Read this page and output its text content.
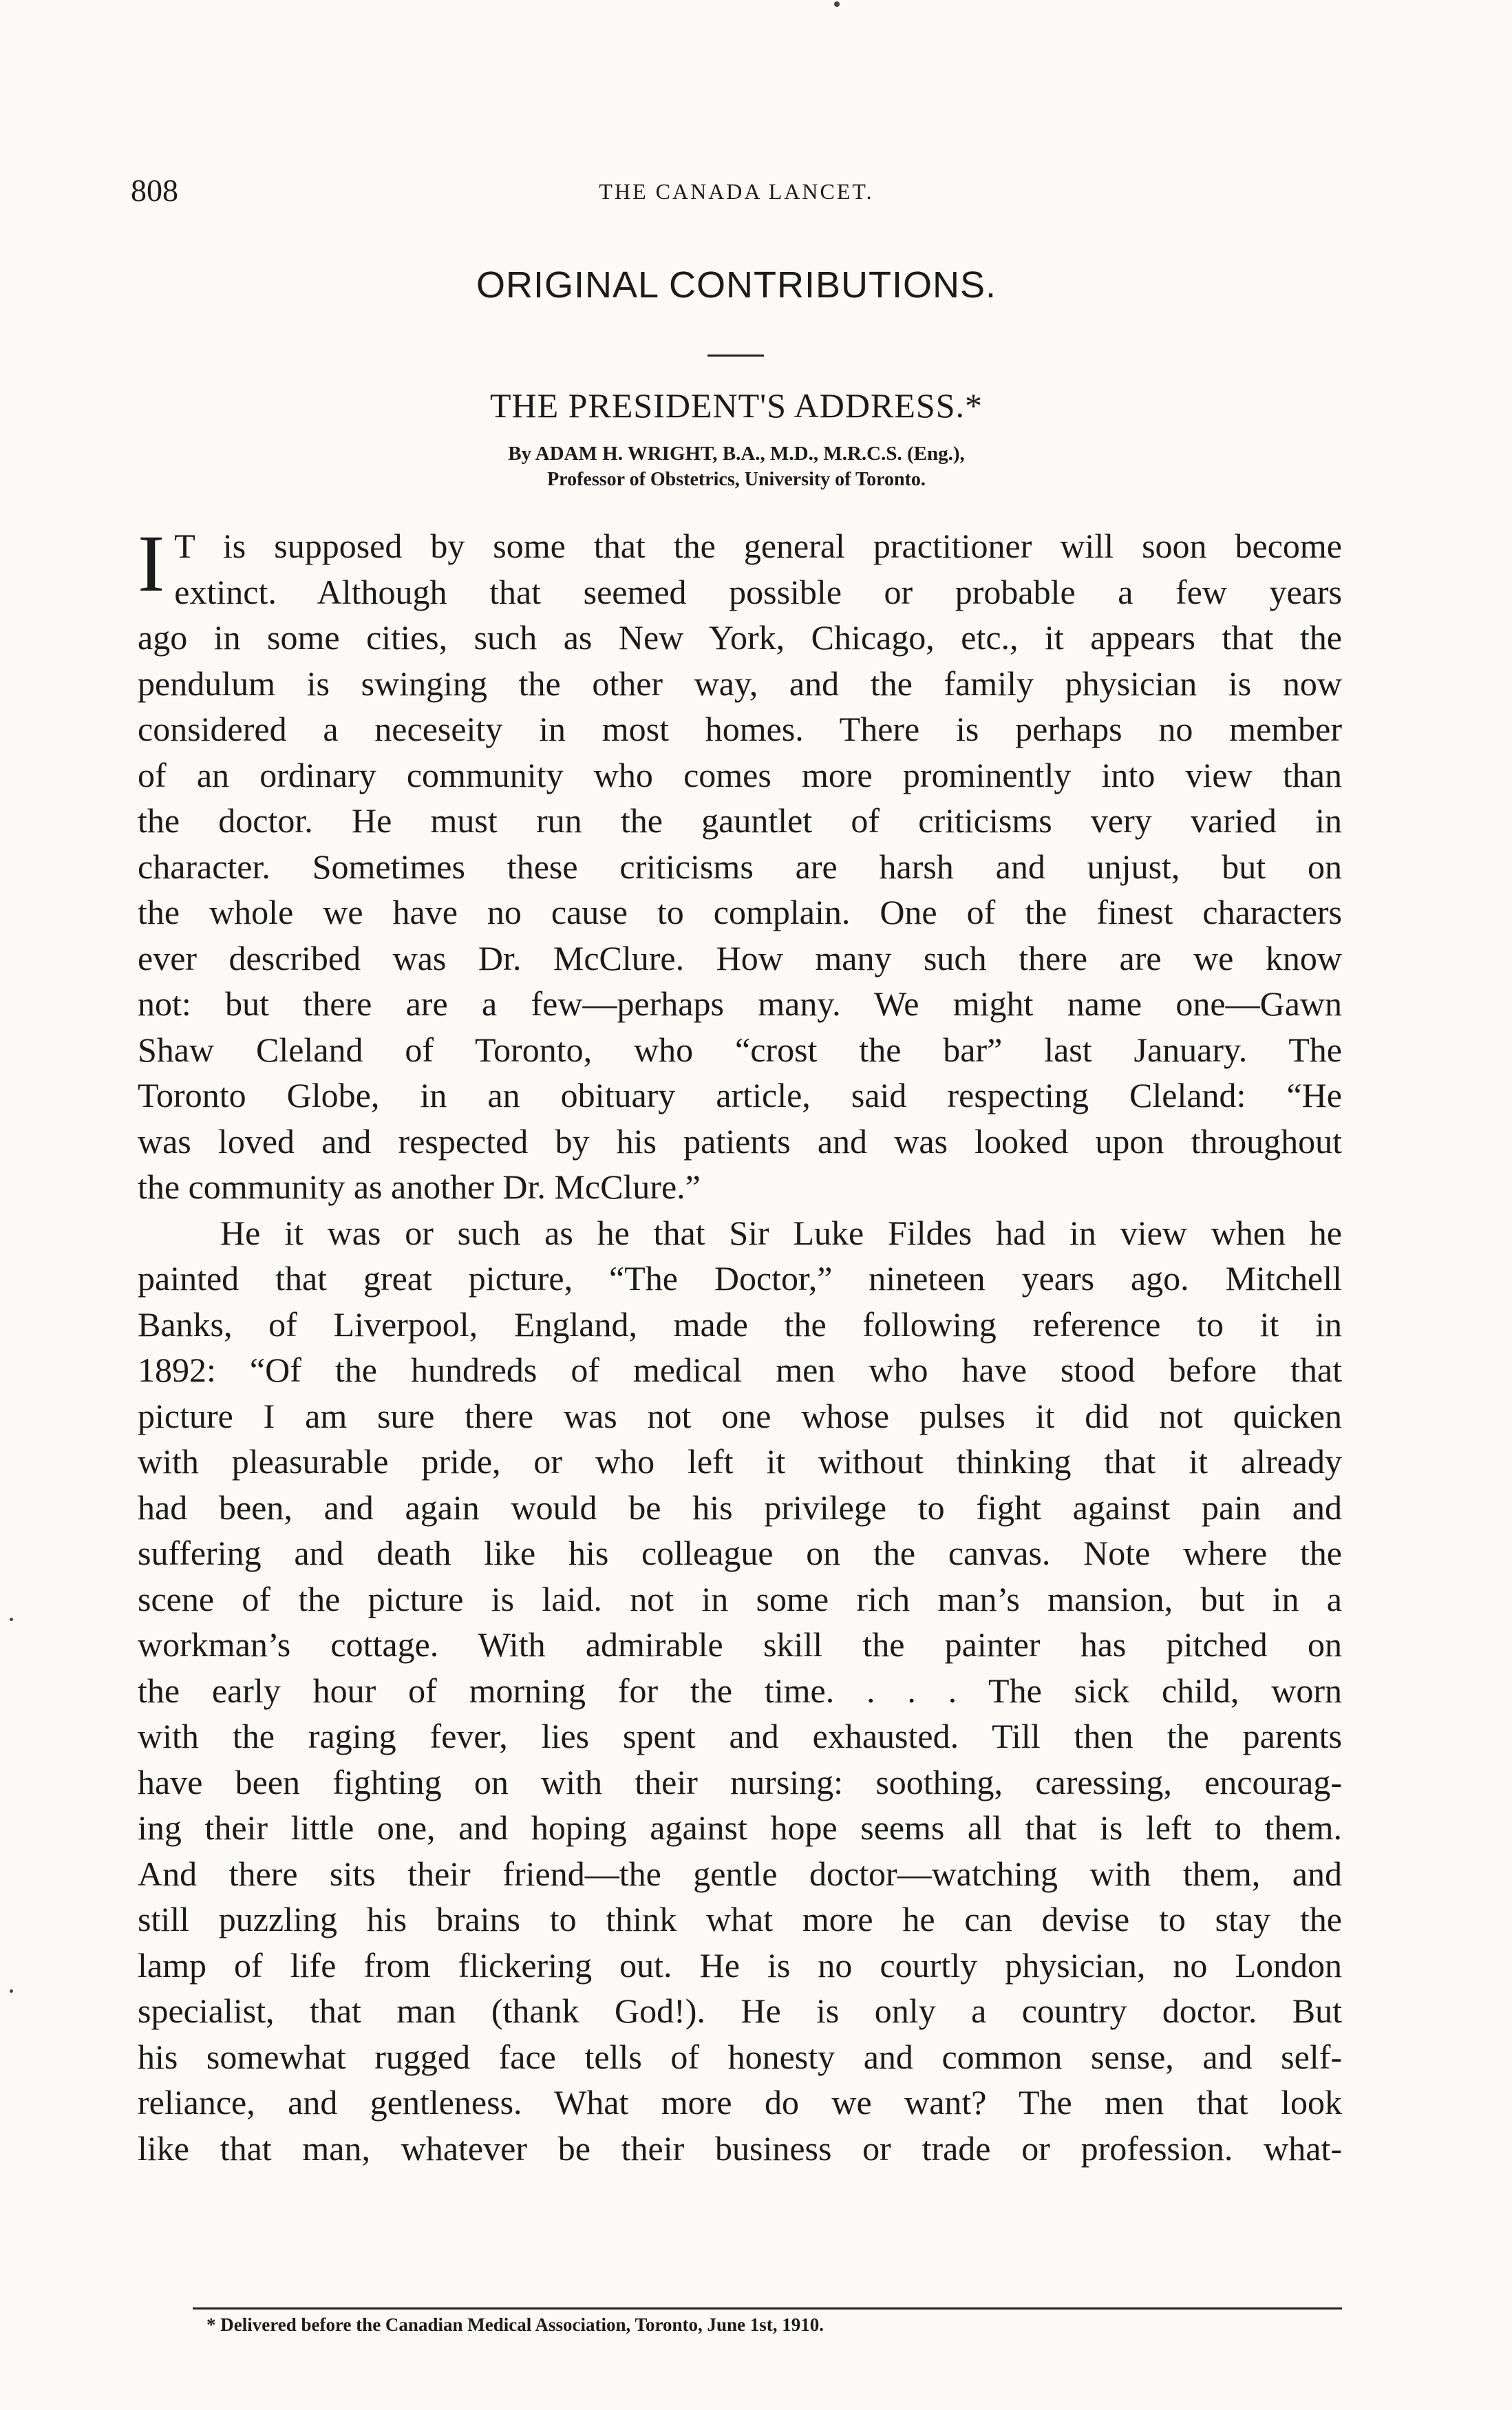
808	THE CANADA LANCET.
ORIGINAL CONTRIBUTIONS.
THE PRESIDENT'S ADDRESS.*
By ADAM H. WRIGHT, B.A., M.D., M.R.C.S. (Eng.),
Professor of Obstetrics, University of Toronto.
I T is supposed by some that the general practitioner will soon become
extinct. Although that seemed possible or probable a few years
ago in some cities, such as New York, Chicago, etc., it appears that the
pendulum is swinging the other way, and the family physician is now
considered a neceseity in most homes. There is perhaps no member
of an ordinary community who comes more prominently into view than
the doctor. He must run the gauntlet of criticisms very varied in
character. Sometimes these criticisms are harsh and unjust, but on
the whole we have no cause to complain. One of the finest characters
ever described was Dr. McClure. How many such there are we know
not: but there are a few—perhaps many. We might name one—Gawn
Shaw Cleland of Toronto, who “crost the bar” last January. The
Toronto Globe, in an obituary article, said respecting Cleland: “He
was loved and respected by his patients and was looked upon throughout
the community as another Dr. McClure.”
He it was or such as he that Sir Luke Fildes had in view when he
painted that great picture, “The Doctor,” nineteen years ago. Mitchell
Banks, of Liverpool, England, made the following reference to it in
1892: “Of the hundreds of medical men who have stood before that
picture I am sure there was not one whose pulses it did not quicken
with pleasurable pride, or who left it without thinking that it already
had been, and again would be his privilege to fight against pain and
suffering and death like his colleague on the canvas. Note where the
scene of the picture is laid. not in some rich man’s mansion, but in a
workman’s cottage. With admirable skill the painter has pitched on
the early hour of morning for the time. . . . The sick child, worn
with the raging fever, lies spent and exhausted. Till then the parents
have been fighting on with their nursing: soothing, caressing, encourag-
ing their little one, and hoping against hope seems all that is left to them.
And there sits their friend—the gentle doctor—watching with them, and
still puzzling his brains to think what more he can devise to stay the
lamp of life from flickering out. He is no courtly physician, no London
specialist, that man (thank God!). He is only a country doctor. But
his somewhat rugged face tells of honesty and common sense, and self-
reliance, and gentleness. What more do we want? The men that look
like that man, whatever be their business or trade or profession. what-
* Delivered before the Canadian Medical Association, Toronto, June 1st, 1910.
